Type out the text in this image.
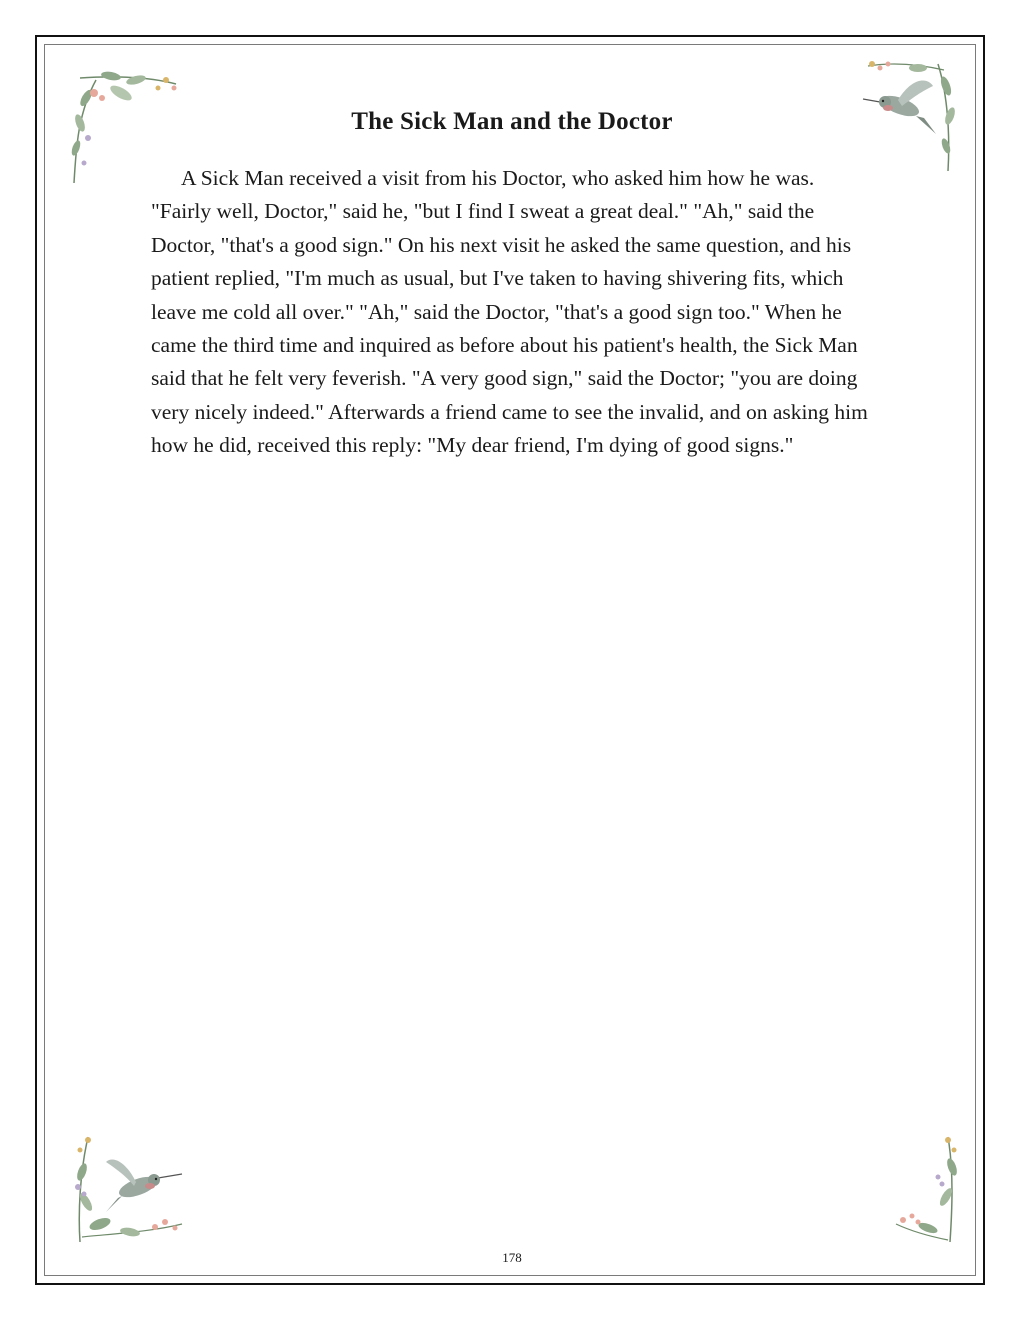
The Sick Man and the Doctor

A Sick Man received a visit from his Doctor, who asked him how he was. "Fairly well, Doctor," said he, "but I find I sweat a great deal." "Ah," said the Doctor, "that's a good sign." On his next visit he asked the same question, and his patient replied, "I'm much as usual, but I've taken to having shivering fits, which leave me cold all over." "Ah," said the Doctor, "that's a good sign too." When he came the third time and inquired as before about his patient's health, the Sick Man said that he felt very feverish. "A very good sign," said the Doctor; "you are doing very nicely indeed." Afterwards a friend came to see the invalid, and on asking him how he did, received this reply: "My dear friend, I'm dying of good signs."

178
